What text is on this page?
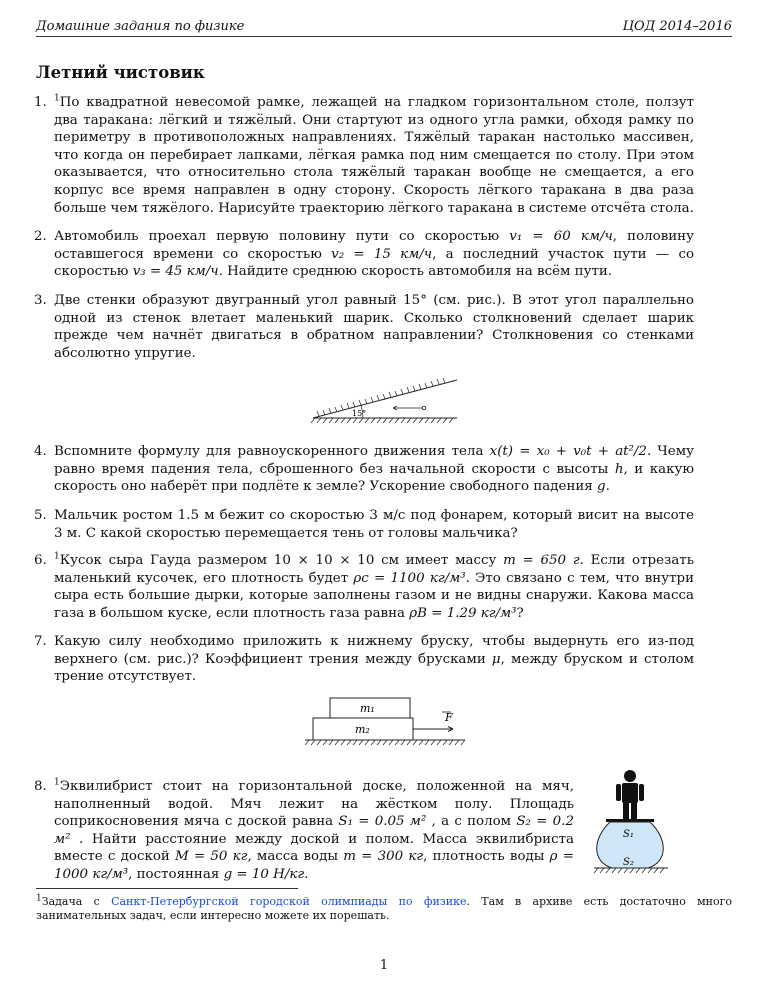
Домашние задания по физике	ЦОД 2014–2016
Летний чистовик
1. $^1$По квадратной невесомой рамке, лежащей на гладком горизонтальном столе, ползут два таракана: лёгкий и тяжёлый. Они стартуют из одного угла рамки, обходя рамку по периметру в противоположных направлениях. Тяжёлый таракан настолько массивен, что когда он перебирает лапками, лёгкая рамка под ним смещается по столу. При этом оказывается, что относительно стола тяжёлый таракан вообще не смещается, а его корпус все время направлен в одну сторону. Скорость лёгкого таракана в два раза больше чем тяжёлого. Нарисуйте траекторию лёгкого таракана в системе отсчёта стола.
2. Автомобиль проехал первую половину пути со скоростью v₁ = 60 км/ч, половину оставшегося времени со скоростью v₂ = 15 км/ч, а последний участок пути — со скоростью v₃ = 45 км/ч. Найдите среднюю скорость автомобиля на всём пути.
3. Две стенки образуют двугранный угол равный 15° (см. рис.). В этот угол параллельно одной из стенок влетает маленький шарик. Сколько столкновений сделает шарик прежде чем начнёт двигаться в обратном направлении? Столкновения со стенками абсолютно упругие.
15°
4. Вспомните формулу для равноускоренного движения тела x(t) = x₀ + v₀t + at²/2. Чему равно время падения тела, сброшенного без начальной скорости с высоты h, и какую скорость оно наберёт при подлёте к земле? Ускорение свободного падения g.
5. Мальчик ростом 1.5 м бежит со скоростью 3 м/с под фонарем, который висит на высоте 3 м. С какой скоростью перемещается тень от головы мальчика?
6. $^1$Кусок сыра Гауда размером 10 × 10 × 10 см имеет массу m = 650 г. Если отрезать маленький кусочек, его плотность будет ρс = 1100 кг/м³. Это связано с тем, что внутри сыра есть большие дырки, которые заполнены газом и не видны снаружи. Какова масса газа в большом куске, если плотность газа равна ρB = 1.29 кг/м³?
7. Какую силу необходимо приложить к нижнему бруску, чтобы выдернуть его из-под верхнего (см. рис.)? Коэффициент трения между брусками μ, между бруском и столом трение отсутствует.
m₁
m₂
F
8. $^1$Эквилибрист стоит на горизонтальной доске, положенной на мяч, наполненный водой. Мяч лежит на жёстком полу. Площадь соприкосновения мяча с доской равна S₁ = 0.05 м² , а с полом S₂ = 0.2 м² . Найти расстояние между доской и полом. Масса эквилибриста вместе с доской M = 50 кг, масса воды m = 300 кг, плотность воды ρ = 1000 кг/м³, постоянная g = 10 Н/кг.
S₁
S₂
$^1$Задача с Санкт-Петербургской городской олимпиады по физике. Там в архиве есть достаточно много занимательных задач, если интересно можете их порешать.
1
